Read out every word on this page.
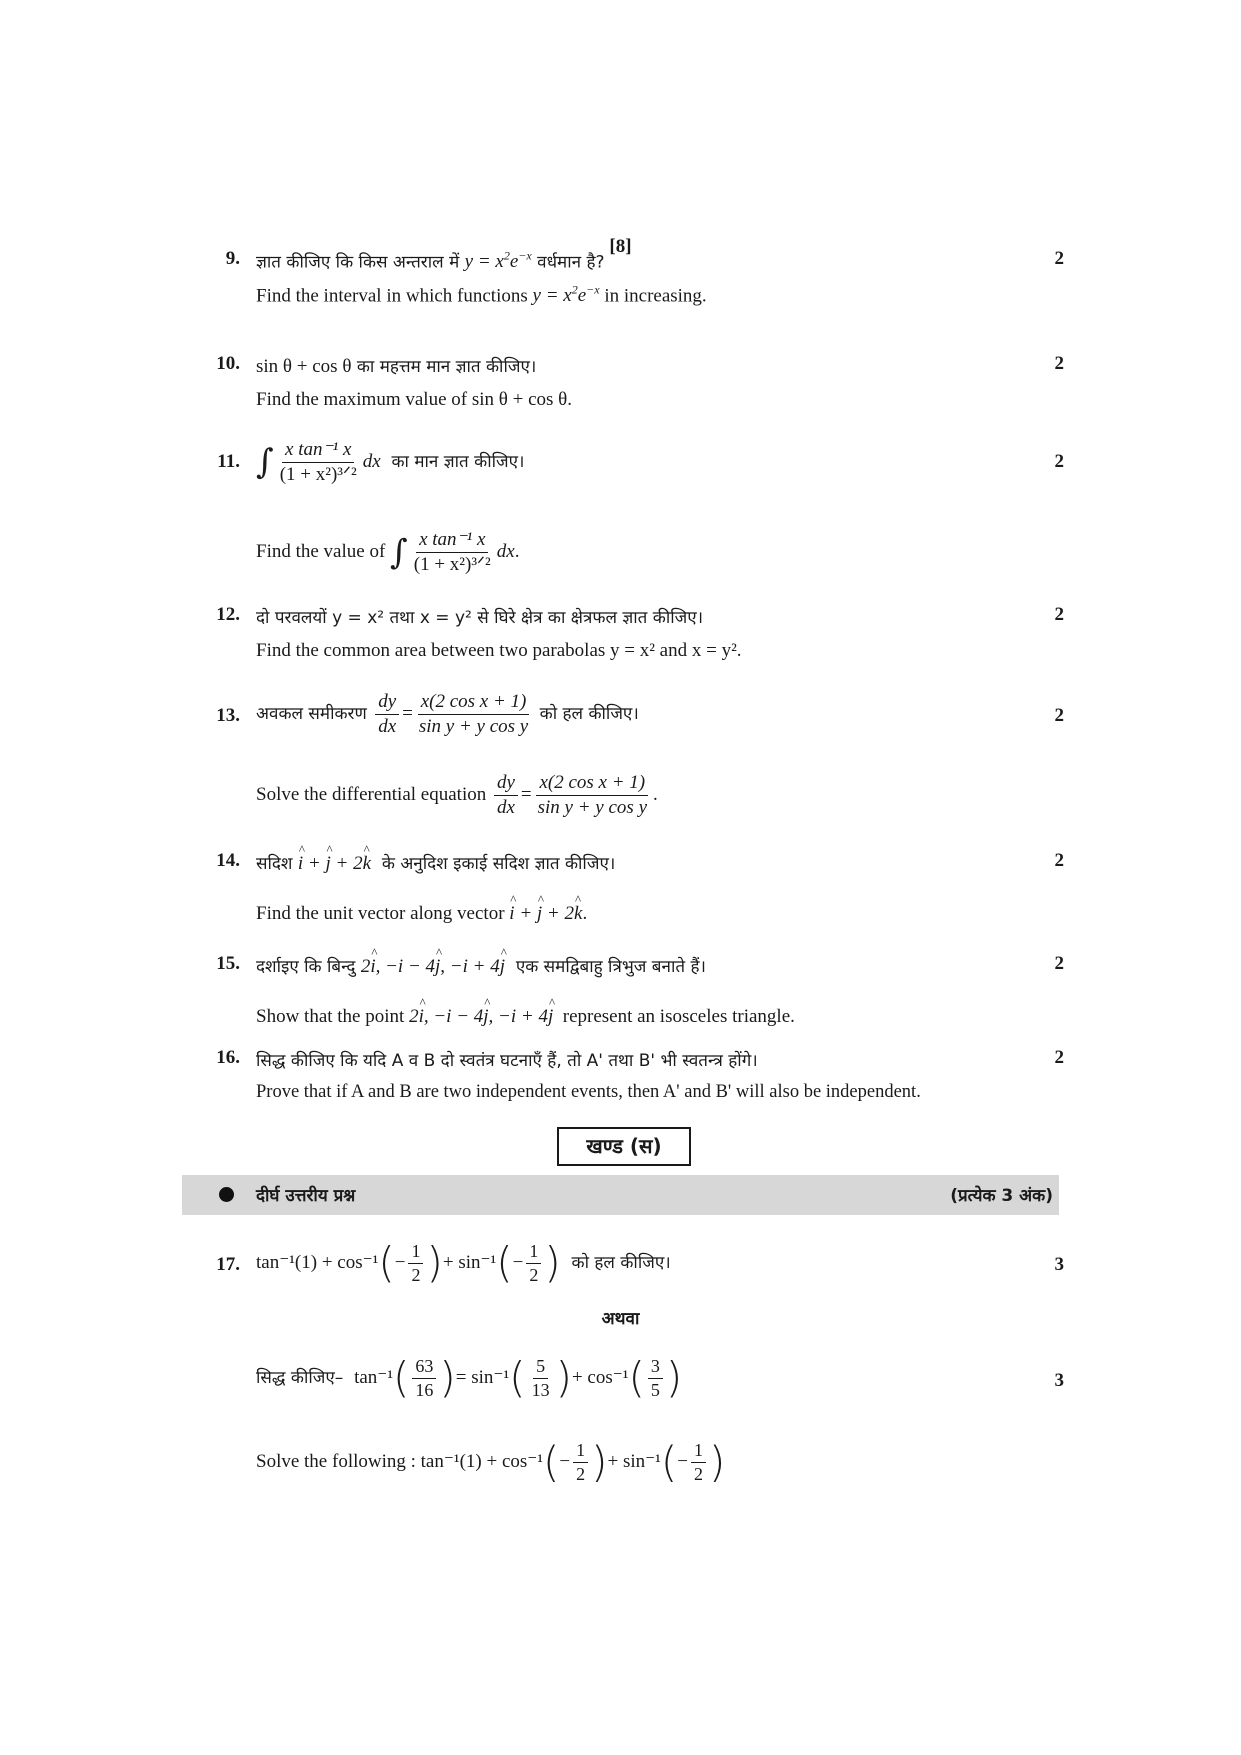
[8]
9. ज्ञात कीजिए कि किस अन्तराल में $y = x^2e^{-x}$ वर्धमान है?	2
Find the interval in which functions $y = x^2e^{-x}$ in increasing.
10. sin θ + cos θ का महत्तम मान ज्ञात कीजिए।	2
Find the maximum value of sin θ + cos θ.
11. ∫ $\frac{\text{x tan⁻¹ x}}{\text{(1 + x²)³ᐟ²}}$ dx का मान ज्ञात कीजिए।	2
Find the value of ∫ $\frac{\text{x tan⁻¹ x}}{\text{(1 + x²)³ᐟ²}}$ dx.
12. दो परवलयों y = x² तथा x = y² से घिरे क्षेत्र का क्षेत्रफल ज्ञात कीजिए।	2
Find the common area between two parabolas y = x² and x = y².
13. अवकल समीकरण $\frac{dy}{dx} = \frac{\text{x(2 cos x + 1)}}{\text{sin y + y cos y}}$ को हल कीजिए।	2
Solve the differential equation $\frac{dy}{dx} = \frac{\text{x(2 cos x + 1)}}{\text{sin y + y cos y}}$ .
14. सदिश i ^ + j ^ + 2k ^ के अनुदिश इकाई सदिश ज्ञात कीजिए।	2
Find the unit vector along vector i ^ + j ^ + 2k ^.
15. दर्शाइए कि बिन्दु 2i ^, −i − 4j ^, −i + 4j ^ एक समद्विबाहु त्रिभुज बनाते हैं।	2
Show that the point 2i ^, −i − 4j ^, −i + 4j ^ represent an isosceles triangle.
16. सिद्ध कीजिए कि यदि A व B दो स्वतंत्र घटनाएँ हैं, तो A' तथा B' भी स्वतन्त्र होंगे।	2
Prove that if A and B are two independent events, then A' and B' will also be independent.
खण्ड (स)
दीर्घ उत्तरीय प्रश्न	(प्रत्येक 3 अंक)
17. $\tan^{-1}(1) + \cos^{-1}(- \frac{1}{2}$ )+ $\sin^{-1}(- \frac{1}{2}$ ) को हल कीजिए।	3
अथवा
सिद्ध कीजिए– $\tan^{-1}( \frac{63}{16}$ )= $\sin^{-1}( \frac{5}{13}$ )+ $\cos^{-1}( \frac{3}{5}$ )	3
Solve the following : $\tan^{-1}(1) + \cos^{-1}(- \frac{1}{2}$ )+ $\sin^{-1}(- \frac{1}{2}$ )
